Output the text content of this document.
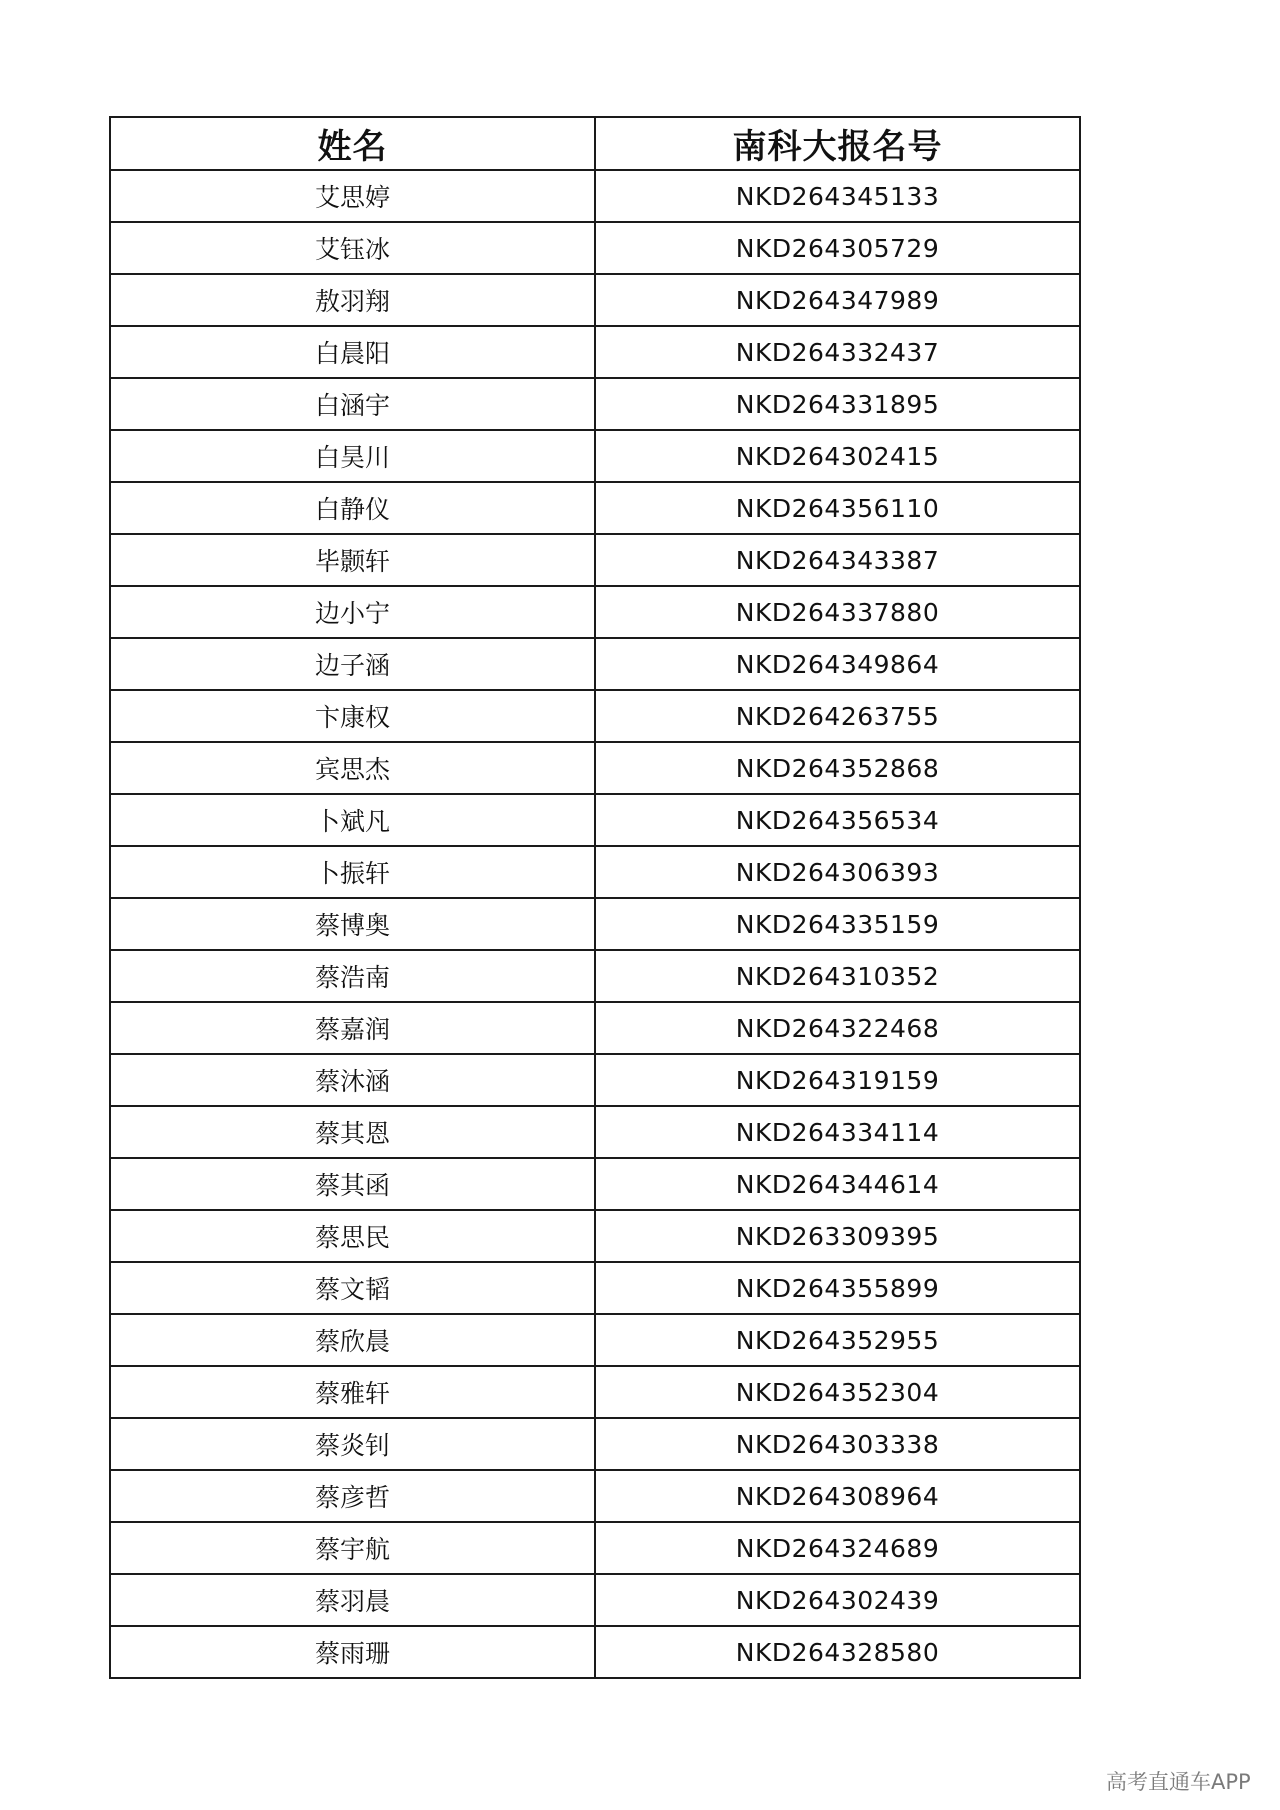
姓名	南科大报名号
艾思婷	NKD264345133
艾钰冰	NKD264305729
敖羽翔	NKD264347989
白晨阳	NKD264332437
白涵宇	NKD264331895
白昊川	NKD264302415
白静仪	NKD264356110
毕颢轩	NKD264343387
边小宁	NKD264337880
边子涵	NKD264349864
卞康权	NKD264263755
宾思杰	NKD264352868
卜斌凡	NKD264356534
卜振轩	NKD264306393
蔡博奥	NKD264335159
蔡浩南	NKD264310352
蔡嘉润	NKD264322468
蔡沐涵	NKD264319159
蔡其恩	NKD264334114
蔡其函	NKD264344614
蔡思民	NKD263309395
蔡文韬	NKD264355899
蔡欣晨	NKD264352955
蔡雅轩	NKD264352304
蔡炎钊	NKD264303338
蔡彦哲	NKD264308964
蔡宇航	NKD264324689
蔡羽晨	NKD264302439
蔡雨珊	NKD264328580
高考直通车APP
